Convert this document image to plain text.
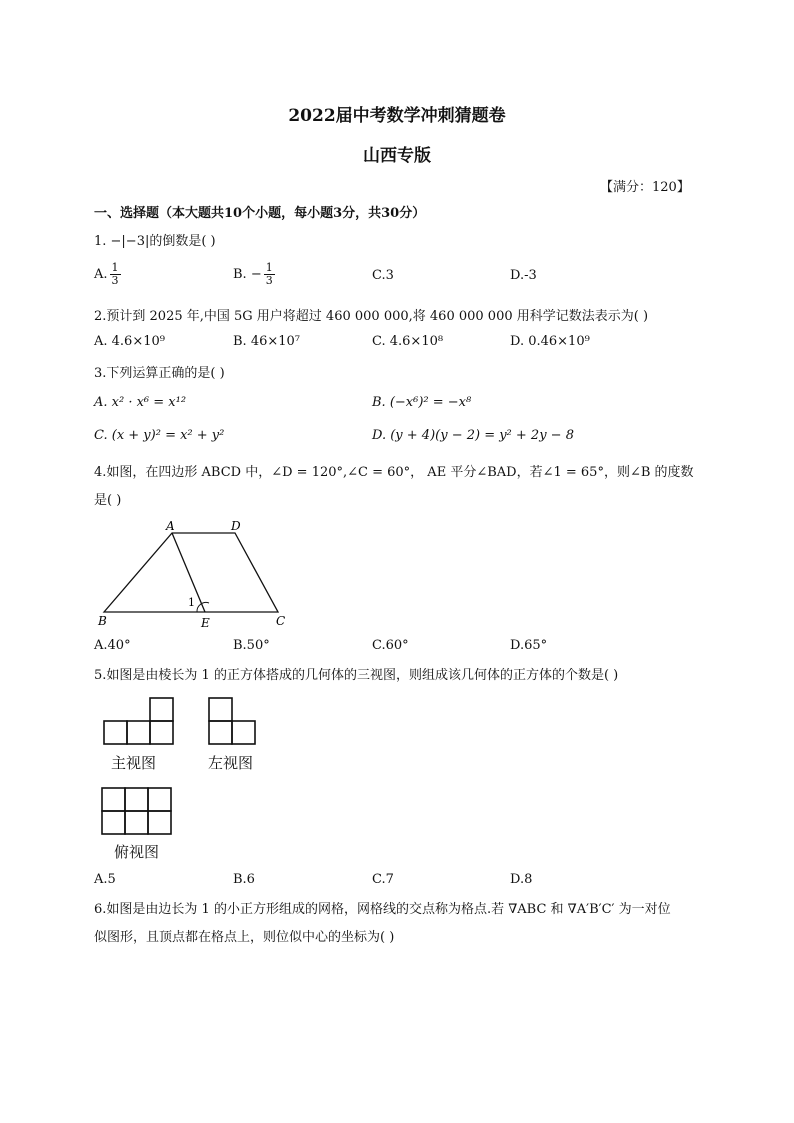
2022届中考数学冲刺猜题卷
山西专版
【满分：120】
一、选择题（本大题共10个小题，每小题3分，共30分）
1. −|−3|的倒数是( )
A. $\frac{1}{3}$	B. − $\frac{1}{3}$	C.3	D.-3
2.预计到 2025 年,中国 5G 用户将超过 460 000 000,将 460 000 000 用科学记数法表示为( )
A. 4.6×10⁹	B. 46×10⁷	C. 4.6×10⁸	D. 0.46×10⁹
3.下列运算正确的是( )
A. x² · x⁶ = x¹²	B. (−x⁶)² = −x⁸
C. (x + y)² = x² + y²	D. (y + 4)(y − 2) = y² + 2y − 8
4.如图，在四边形 ABCD 中，∠D = 120°,∠C = 60°， AE 平分∠BAD，若∠1 = 65°，则∠B 的度数
是( )
A	D
B	E	C
1
A.40°	B.50°	C.60°	D.65°
5.如图是由棱长为 1 的正方体搭成的几何体的三视图，则组成该几何体的正方体的个数是( )
主视图	左视图
俯视图
A.5	B.6	C.7	D.8
6.如图是由边长为 1 的小正方形组成的网格，网格线的交点称为格点.若 ∇ABC 和 ∇A′B′C′ 为一对位
似图形，且顶点都在格点上，则位似中心的坐标为( )
